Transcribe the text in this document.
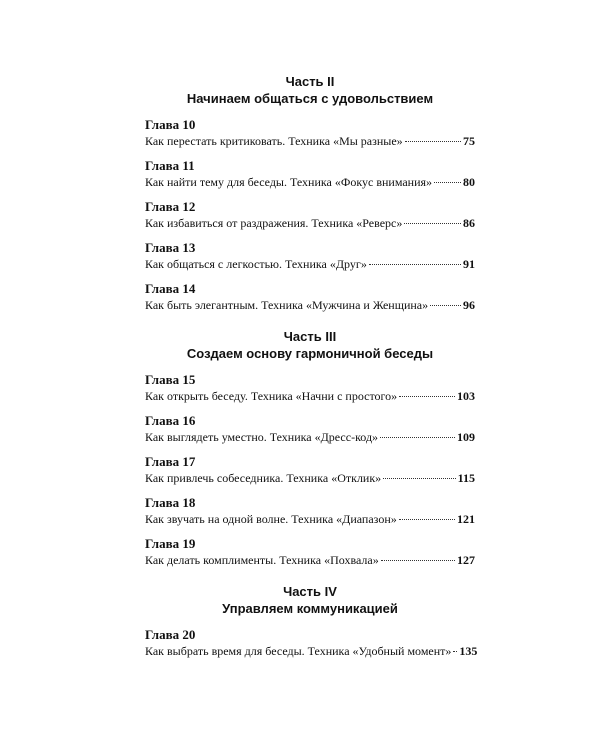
Часть II
Начинаем общаться с удовольствием
Глава 10
Как перестать критиковать. Техника «Мы разные»	75
Глава 11
Как найти тему для беседы. Техника «Фокус внимания»	80
Глава 12
Как избавиться от раздражения. Техника «Реверс»	86
Глава 13
Как общаться с легкостью. Техника «Друг»	91
Глава 14
Как быть элегантным. Техника «Мужчина и Женщина»	96
Часть III
Создаем основу гармоничной беседы
Глава 15
Как открыть беседу. Техника «Начни с простого»	103
Глава 16
Как выглядеть уместно. Техника «Дресс-код»	109
Глава 17
Как привлечь собеседника. Техника «Отклик»	115
Глава 18
Как звучать на одной волне. Техника «Диапазон»	121
Глава 19
Как делать комплименты. Техника «Похвала»	127
Часть IV
Управляем коммуникацией
Глава 20
Как выбрать время для беседы. Техника «Удобный момент» 135
